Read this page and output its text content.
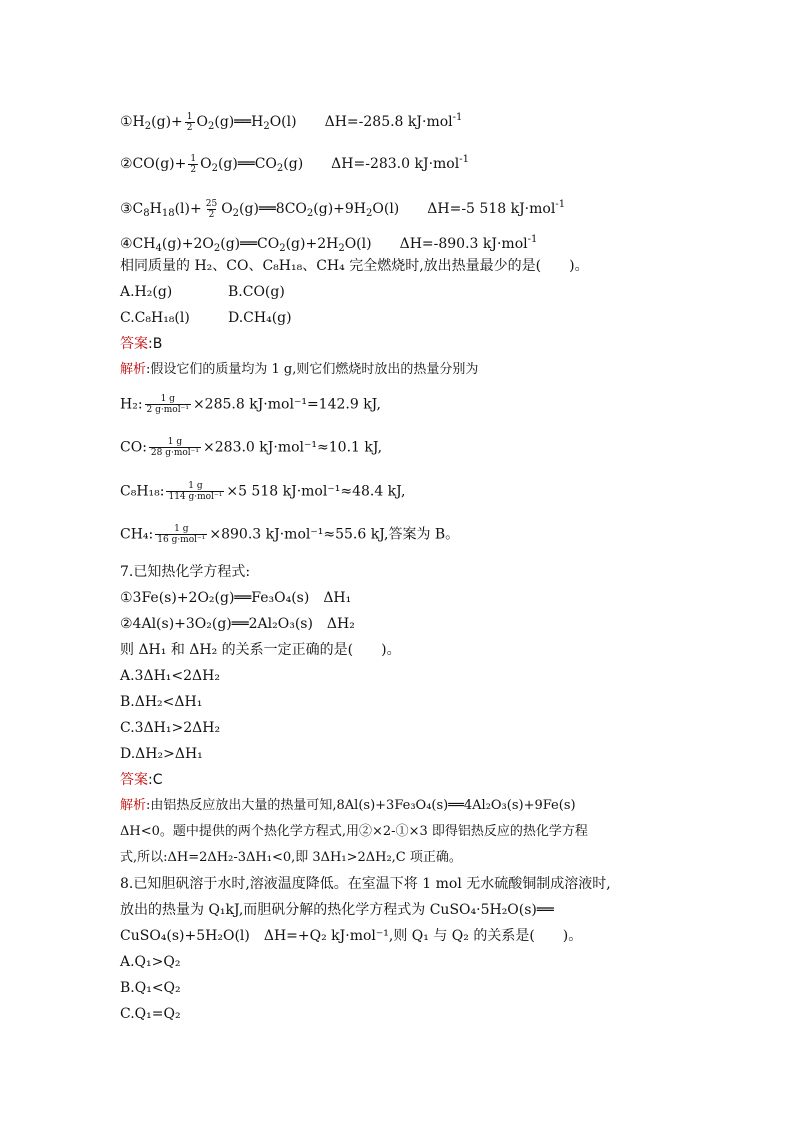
$①H_2(g)+ \frac{1}{2}$ $O_2(g)══H_2O(l)$ ΔH=-285.8 kJ·mol$^{-1}$
②CO(g)+ $\frac{1}{2}$ $O_2(g)══CO_2(g)$ ΔH=-283.0 kJ·mol$^{-1}$
$③C_8H_{18}(l)+ \frac{25}{2}$ $O_2(g)══8CO_2(g)+9H_2O(l)$ ΔH=-5 518 kJ·mol$^{-1}$
$④CH_4(g)+2O_2(g)══CO_2(g)+2H_2O(l)$ ΔH=-890.3 kJ·mol$^{-1}$
相同质量的 H₂、CO、C₈H₁₈、CH₄ 完全燃烧时,放出热量最少的是(　　)。
A.H₂(g)	B.CO(g)
C.C₈H₁₈(l)	D.CH₄(g)
答案:B
解析:假设它们的质量均为 1 g,则它们燃烧时放出的热量分别为
H₂: $\frac{1 g}{\text{2 g·mol⁻¹}} \times 285.8$ kJ·mol⁻¹=142.9 kJ,
CO: $\frac{1 g}{\text{28 g·mol⁻¹}} \times 283.0$ kJ·mol⁻¹≈10.1 kJ,
C₈H₁₈: $\frac{1 g}{\text{114 g·mol⁻¹}} \times 5$ 518 kJ·mol⁻¹≈48.4 kJ,
CH₄: $\frac{1 g}{\text{16 g·mol⁻¹}} \times 890.3$ kJ·mol⁻¹≈55.6 kJ,答案为 B。
7.已知热化学方程式:
①3Fe(s)+2O₂(g)══Fe₃O₄(s)　ΔH₁
②4Al(s)+3O₂(g)══2Al₂O₃(s)　ΔH₂
则 ΔH₁ 和 ΔH₂ 的关系一定正确的是(　　)。
A.3ΔH₁<2ΔH₂
B.ΔH₂<ΔH₁
C.3ΔH₁>2ΔH₂
D.ΔH₂>ΔH₁
答案:C
解析:由铝热反应放出大量的热量可知,8Al(s)+3Fe₃O₄(s)══4Al₂O₃(s)+9Fe(s)
ΔH<0。题中提供的两个热化学方程式,用②×2-①×3 即得铝热反应的热化学方程
式,所以:ΔH=2ΔH₂-3ΔH₁<0,即 3ΔH₁>2ΔH₂,C 项正确。
8.已知胆矾溶于水时,溶液温度降低。在室温下将 1 mol 无水硫酸铜制成溶液时,
放出的热量为 Q₁kJ,而胆矾分解的热化学方程式为 CuSO₄·5H₂O(s)══
CuSO₄(s)+5H₂O(l)　ΔH=+Q₂ kJ·mol⁻¹,则 Q₁ 与 Q₂ 的关系是(　　)。
A.Q₁>Q₂
B.Q₁<Q₂
C.Q₁=Q₂
